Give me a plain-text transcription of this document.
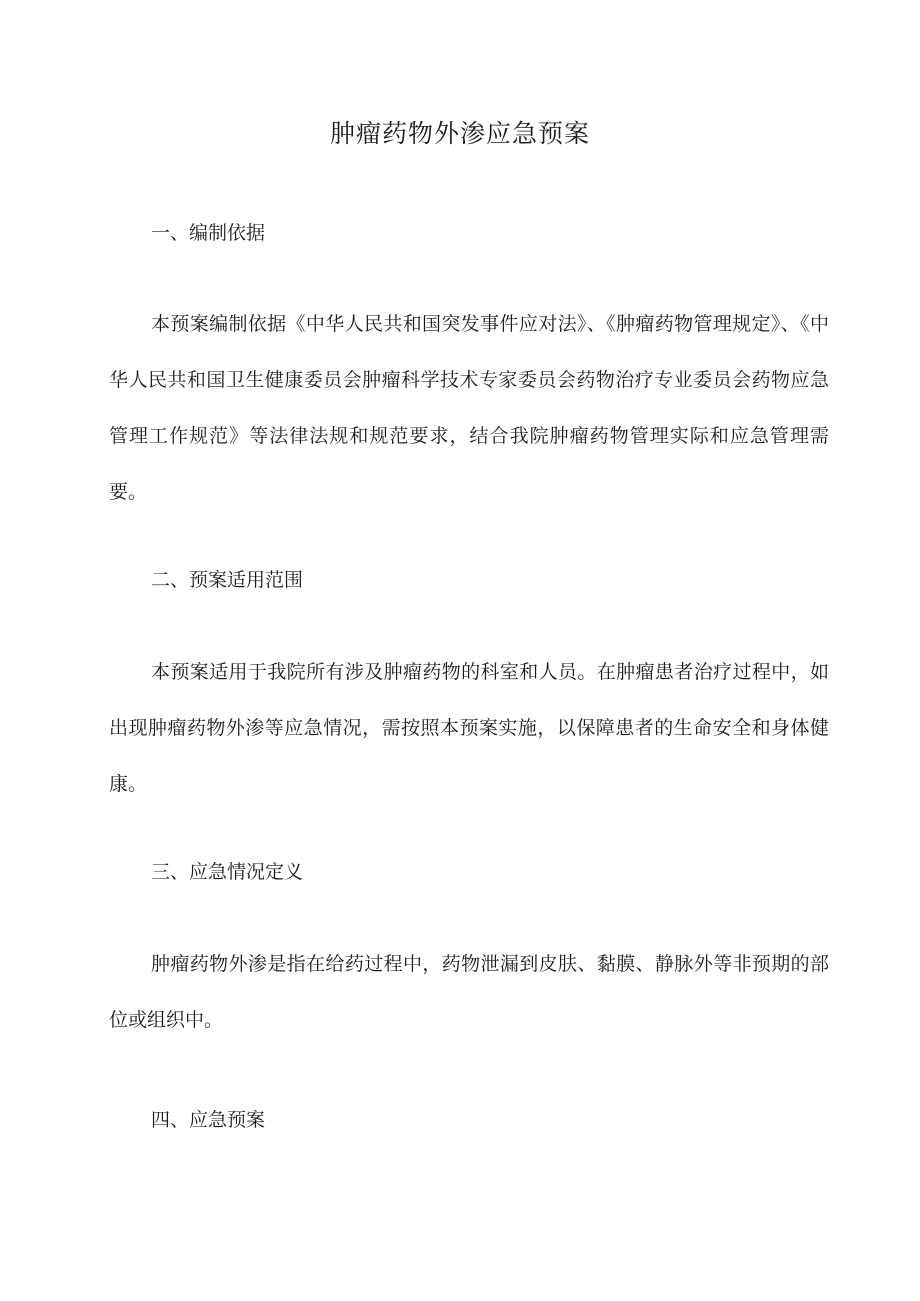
肿瘤药物外渗应急预案
一、编制依据

本预案编制依据《中华人民共和国突发事件应对法》、《肿瘤药物管理规定》、《中华人民共和国卫生健康委员会肿瘤科学技术专家委员会药物治疗专业委员会药物应急管理工作规范》等法律法规和规范要求，结合我院肿瘤药物管理实际和应急管理需要。

二、预案适用范围

本预案适用于我院所有涉及肿瘤药物的科室和人员。在肿瘤患者治疗过程中，如出现肿瘤药物外渗等应急情况，需按照本预案实施，以保障患者的生命安全和身体健康。

三、应急情况定义

肿瘤药物外渗是指在给药过程中，药物泄漏到皮肤、黏膜、静脉外等非预期的部位或组织中。

四、应急预案
